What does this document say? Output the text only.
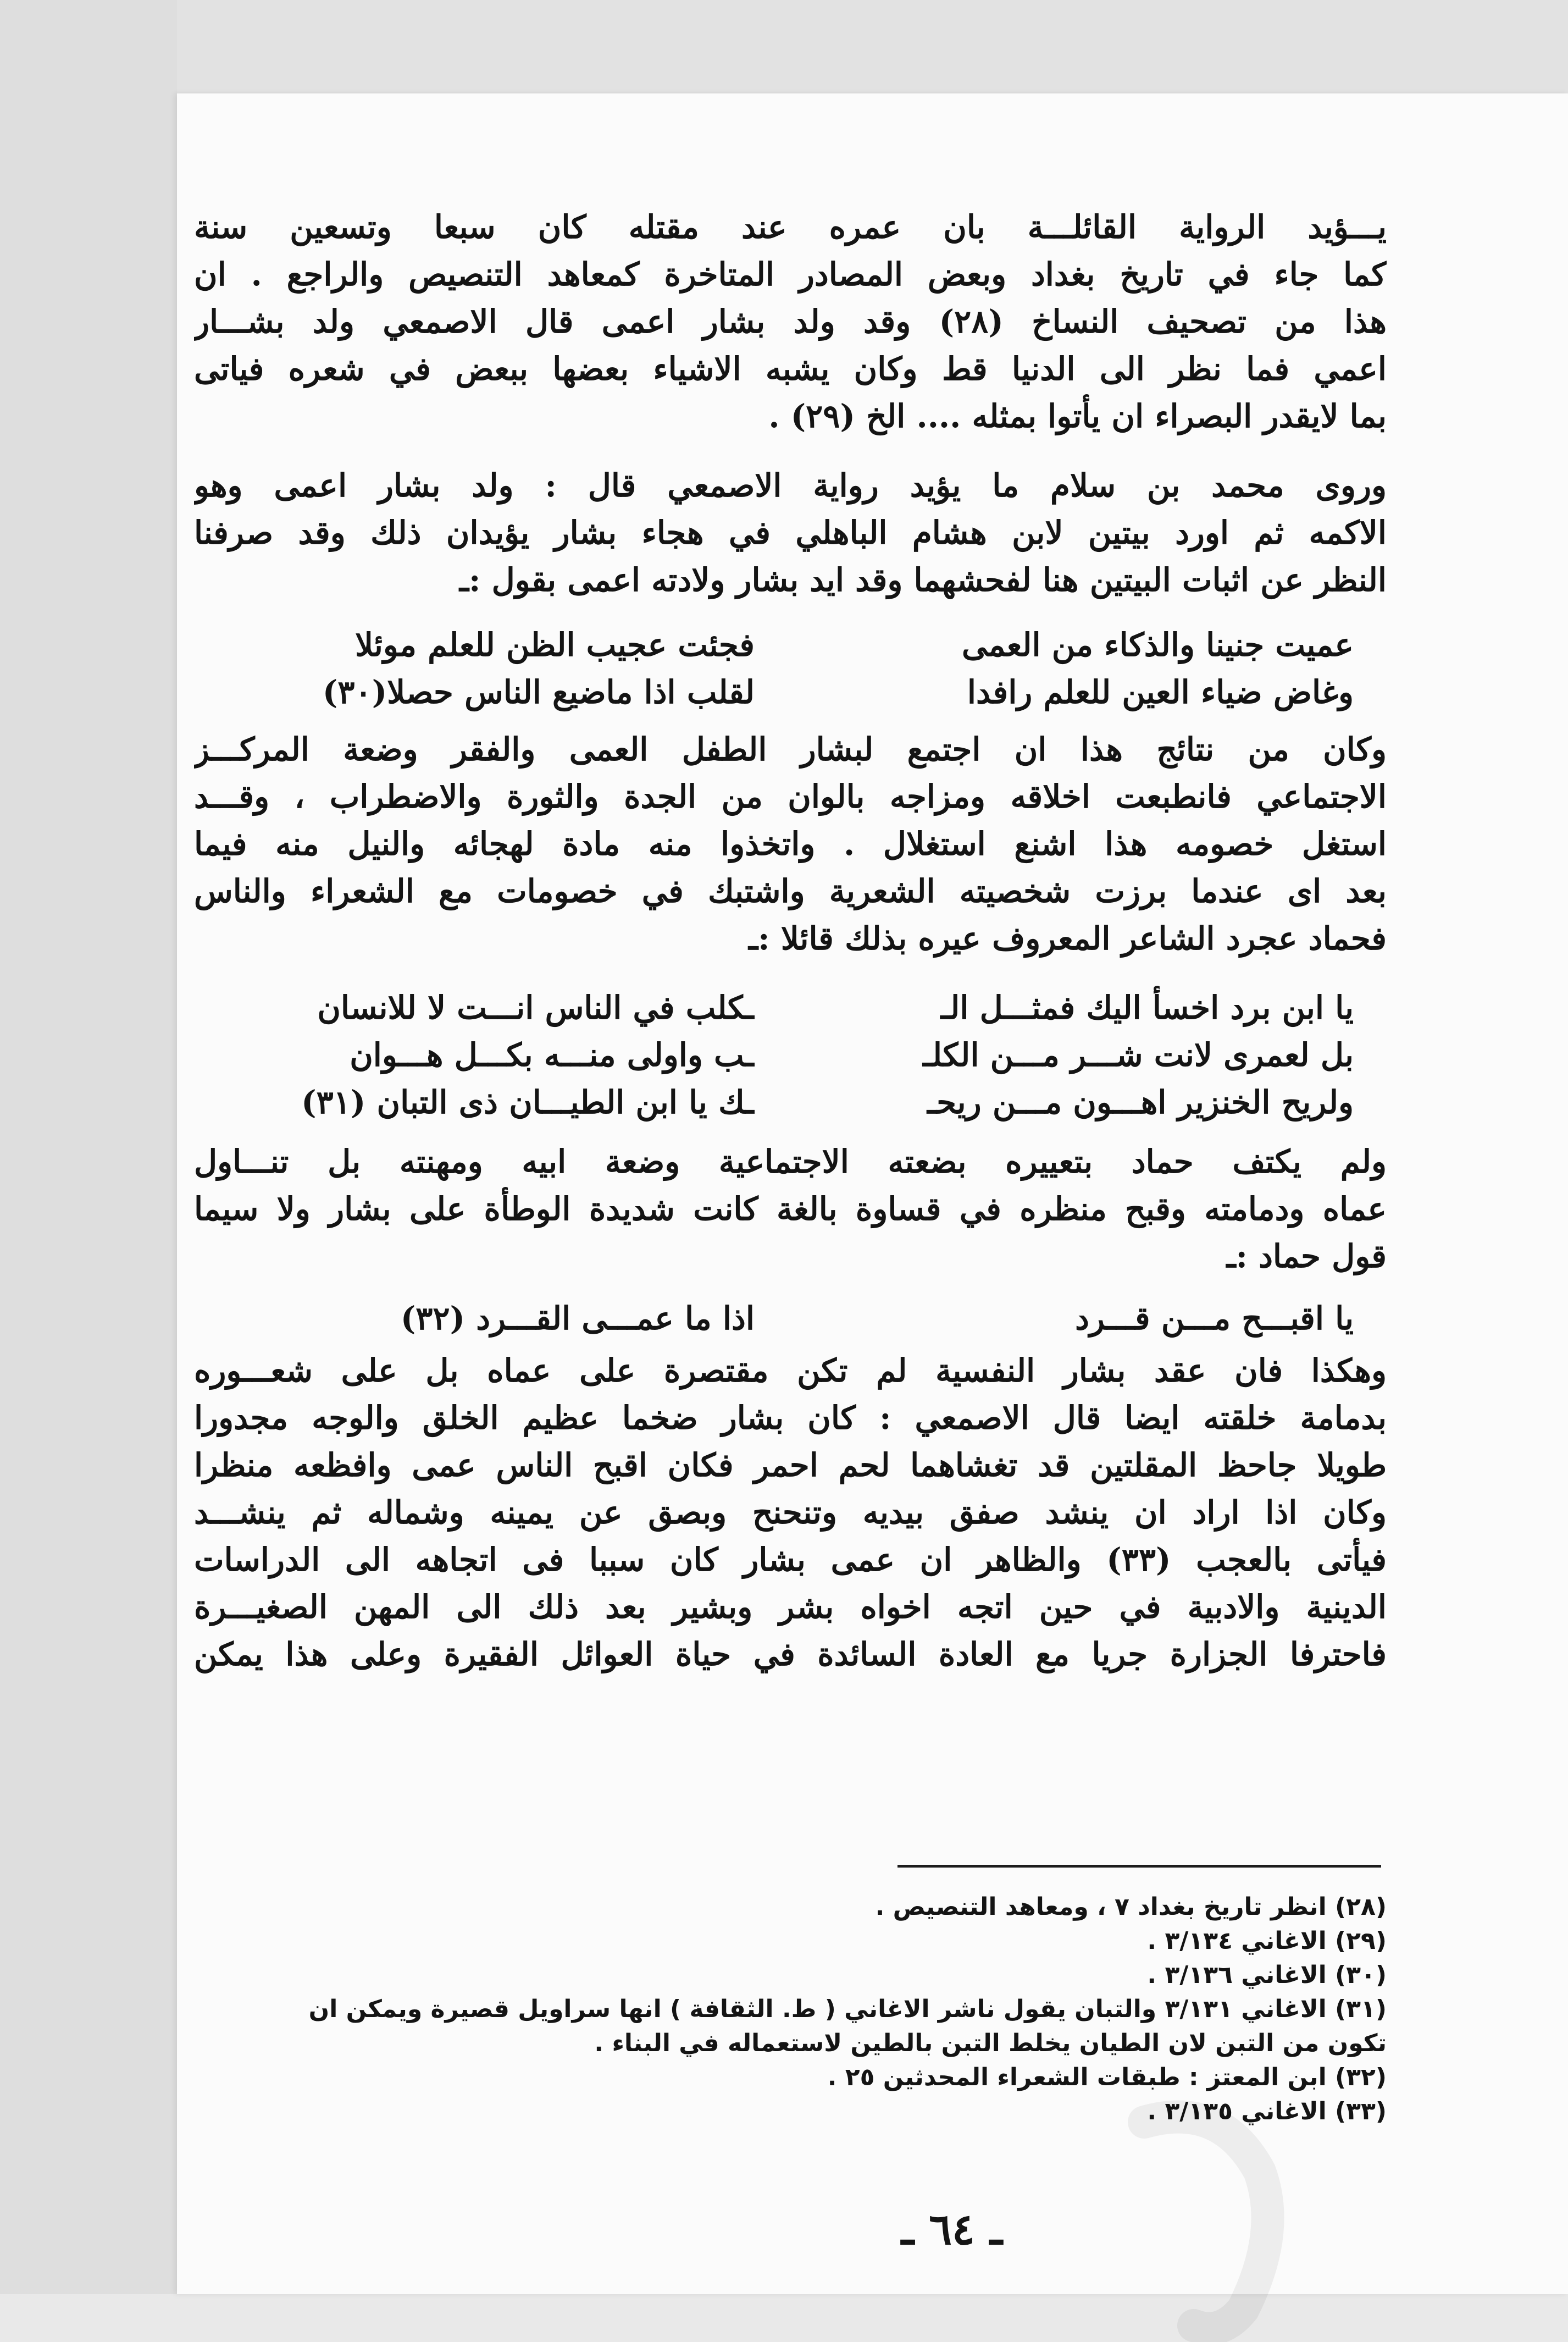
يـــؤيد الرواية القائلـــة بان عمره عند مقتله كان سبعا وتسعين سنة
كما جاء في تاريخ بغداد وبعض المصادر المتاخرة كمعاهد التنصيص والراجع . ان
هذا من تصحيف النساخ (٢٨) وقد ولد بشار اعمى قال الاصمعي ولد بشـــار
اعمي فما نظر الى الدنيا قط وكان يشبه الاشياء بعضها ببعض في شعره فياتى
بما لايقدر البصراء ان يأتوا بمثله .... الخ (٢٩) .
وروى محمد بن سلام ما يؤيد رواية الاصمعي قال : ولد بشار اعمى وهو
الاكمه ثم اورد بيتين لابن هشام الباهلي في هجاء بشار يؤيدان ذلك وقد صرفنا
النظر عن اثبات البيتين هنا لفحشهما وقد ايد بشار ولادته اعمى بقول :ـ
عميت جنينا والذكاء من العمى
فجئت عجيب الظن للعلم موئلا
وغاض ضياء العين للعلم رافدا
لقلب اذا ماضيع الناس حصلا(٣٠)
وكان من نتائج هذا ان اجتمع لبشار الطفل العمى والفقر وضعة المركـــز
الاجتماعي فانطبعت اخلاقه ومزاجه بالوان من الجدة والثورة والاضطراب ، وقـــد
استغل خصومه هذا اشنع استغلال . واتخذوا منه مادة لهجائه والنيل منه فيما
بعد اى عندما برزت شخصيته الشعرية واشتبك في خصومات مع الشعراء والناس
فحماد عجرد الشاعر المعروف عيره بذلك قائلا :ـ
يا ابن برد اخسأ اليك فمثـــل الـ
ـكلب في الناس انـــت لا للانسان
بل لعمرى لانت شـــر مـــن الكلـ
ـب واولى منـــه بكـــل هـــوان
ولريح الخنزير اهـــون مـــن ريحـ
ـك يا ابن الطيـــان ذى التبان (٣١)
ولم يكتف حماد بتعييره بضعته الاجتماعية وضعة ابيه ومهنته بل تنـــاول
عماه ودمامته وقبح منظره في قساوة بالغة كانت شديدة الوطأة على بشار ولا سيما
قول حماد :ـ
يا اقبـــح مـــن قـــرد
اذا ما عمـــى القـــرد (٣٢)
وهكذا فان عقد بشار النفسية لم تكن مقتصرة على عماه بل على شعـــوره
بدمامة خلقته ايضا قال الاصمعي : كان بشار ضخما عظيم الخلق والوجه مجدورا
طويلا جاحظ المقلتين قد تغشاهما لحم احمر فكان اقبح الناس عمى وافظعه منظرا
وكان اذا اراد ان ينشد صفق بيديه وتنحنح وبصق عن يمينه وشماله ثم ينشـــد
فيأتى بالعجب (٣٣) والظاهر ان عمى بشار كان سببا فى اتجاهه الى الدراسات
الدينية والادبية في حين اتجه اخواه بشر وبشير بعد ذلك الى المهن الصغيـــرة
فاحترفا الجزارة جريا مع العادة السائدة في حياة العوائل الفقيرة وعلى هذا يمكن
(٢٨) انظر تاريخ بغداد ٧ ، ومعاهد التنصيص .
(٢٩) الاغاني ٣/١٣٤ .
(٣٠) الاغاني ٣/١٣٦ .
(٣١) الاغاني ٣/١٣١ والتبان يقول ناشر الاغاني ( ط. الثقافة ) انها سراويل قصيرة ويمكن ان
تكون من التبن لان الطيان يخلط التبن بالطين لاستعماله في البناء .
(٣٢) ابن المعتز : طبقات الشعراء المحدثين ٢٥ .
(٣٣) الاغاني ٣/١٣٥ .
ـ ٦٤ ـ
